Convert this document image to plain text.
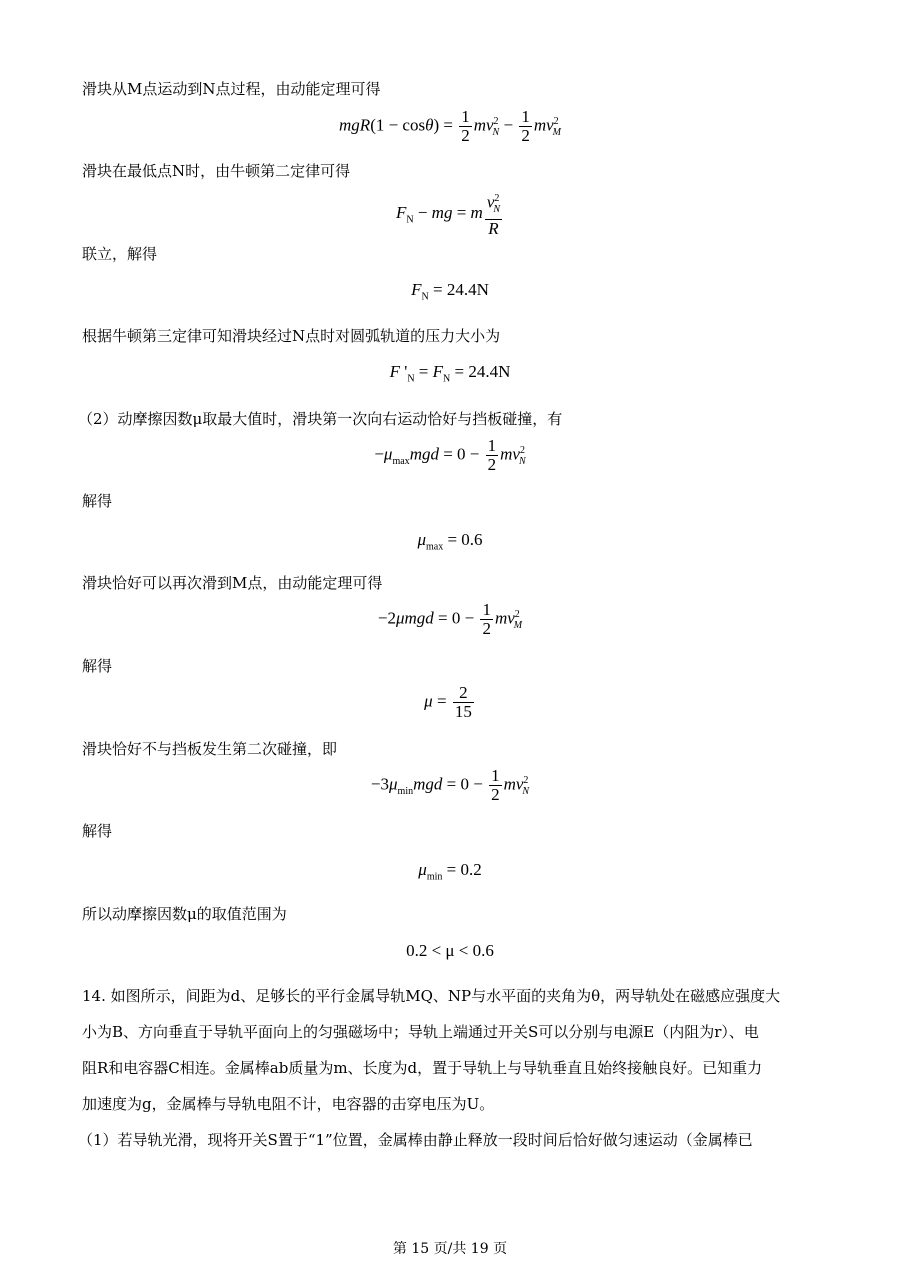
滑块从M点运动到N点过程，由动能定理可得
$mgR(1 - \cos\theta) = \frac{1}{2} mv^2_N - \frac{1}{2} mv^2_M$
滑块在最低点N时，由牛顿第二定律可得
$F_N$ − mg = m $\frac{v^2_N}{R}$
联立，解得
$F_N = 24.4N$
根据牛顿第三定律可知滑块经过N点时对圆弧轨道的压力大小为
F '$_N = F_N = 24.4N$
（2）动摩擦因数μ取最大值时，滑块第一次向右运动恰好与挡板碰撞，有
$-\mu_{max}mgd = 0 - \frac{1}{2} mv^2_N$
解得
$\mu_{max} = 0.6$
滑块恰好可以再次滑到M点，由动能定理可得
$-2\mu mgd = 0 - \frac{1}{2} mv^2_M$
解得
$\mu = \frac{2}{15}$
滑块恰好不与挡板发生第二次碰撞，即
$-3\mu_{min}mgd = 0 - \frac{1}{2} mv^2_N$
解得
$\mu_{min} = 0.2$
所以动摩擦因数μ的取值范围为
0.2 < μ < 0.6
14. 如图所示，间距为d、足够长的平行金属导轨MQ、NP与水平面的夹角为θ，两导轨处在磁感应强度大
小为B、方向垂直于导轨平面向上的匀强磁场中；导轨上端通过开关S可以分别与电源E（内阻为r）、电
阻R和电容器C相连。金属棒ab质量为m、长度为d，置于导轨上与导轨垂直且始终接触良好。已知重力
加速度为g，金属棒与导轨电阻不计，电容器的击穿电压为U。
（1）若导轨光滑，现将开关S置于“1”位置，金属棒由静止释放一段时间后恰好做匀速运动（金属棒已
第 15 页/共 19 页
